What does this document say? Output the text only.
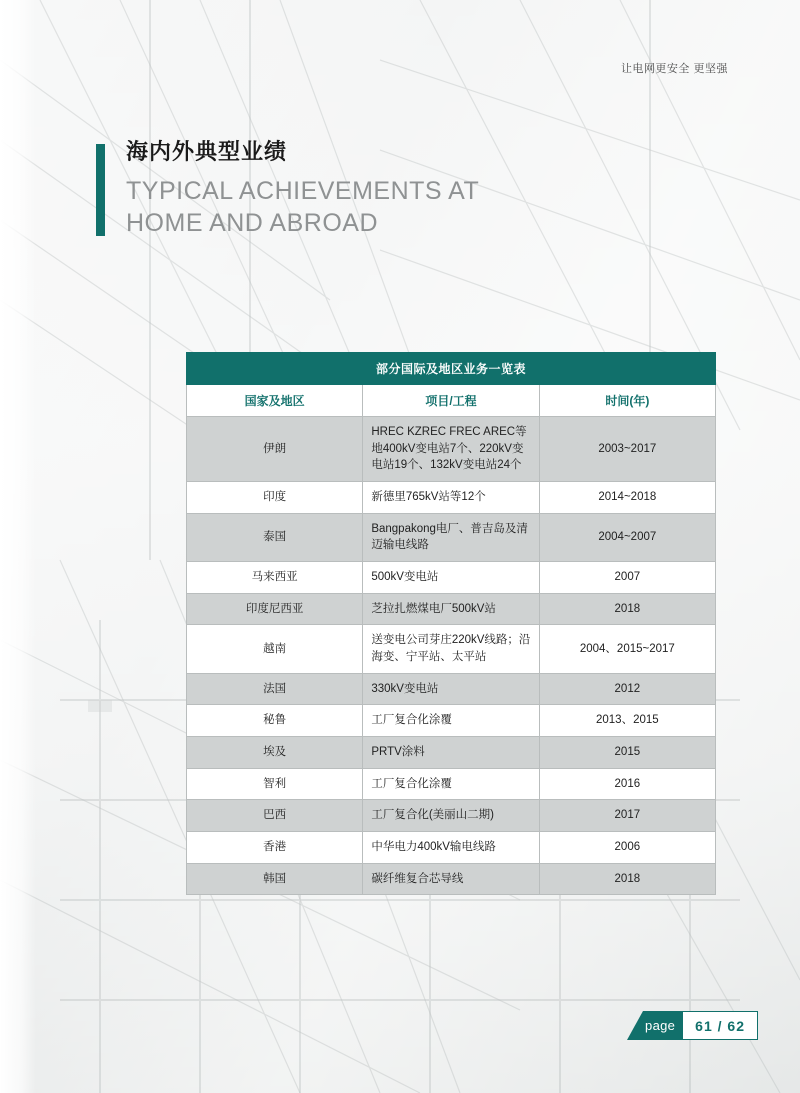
让电网更安全 更坚强
海内外典型业绩
TYPICAL ACHIEVEMENTS AT
HOME AND ABROAD
部分国际及地区业务一览表		
国家及地区	项目/工程	时间(年)
伊朗	HREC KZREC FREC AREC等地400kV变电站7个、220kV变电站19个、132kV变电站24个	2003~2017
印度	新德里765kV站等12个	2014~2018
泰国	Bangpakong电厂、普吉岛及清迈输电线路	2004~2007
马来西亚	500kV变电站	2007
印度尼西亚	芝拉扎燃煤电厂500kV站	2018
越南	送变电公司芽庄220kV线路；沿海变、宁平站、太平站	2004、2015~2017
法国	330kV变电站	2012
秘鲁	工厂复合化涂覆	2013、2015
埃及	PRTV涂料	2015
智利	工厂复合化涂覆	2016
巴西	工厂复合化(美丽山二期)	2017
香港	中华电力400kV输电线路	2006
韩国	碳纤维复合芯导线	2018
page	61 / 62
